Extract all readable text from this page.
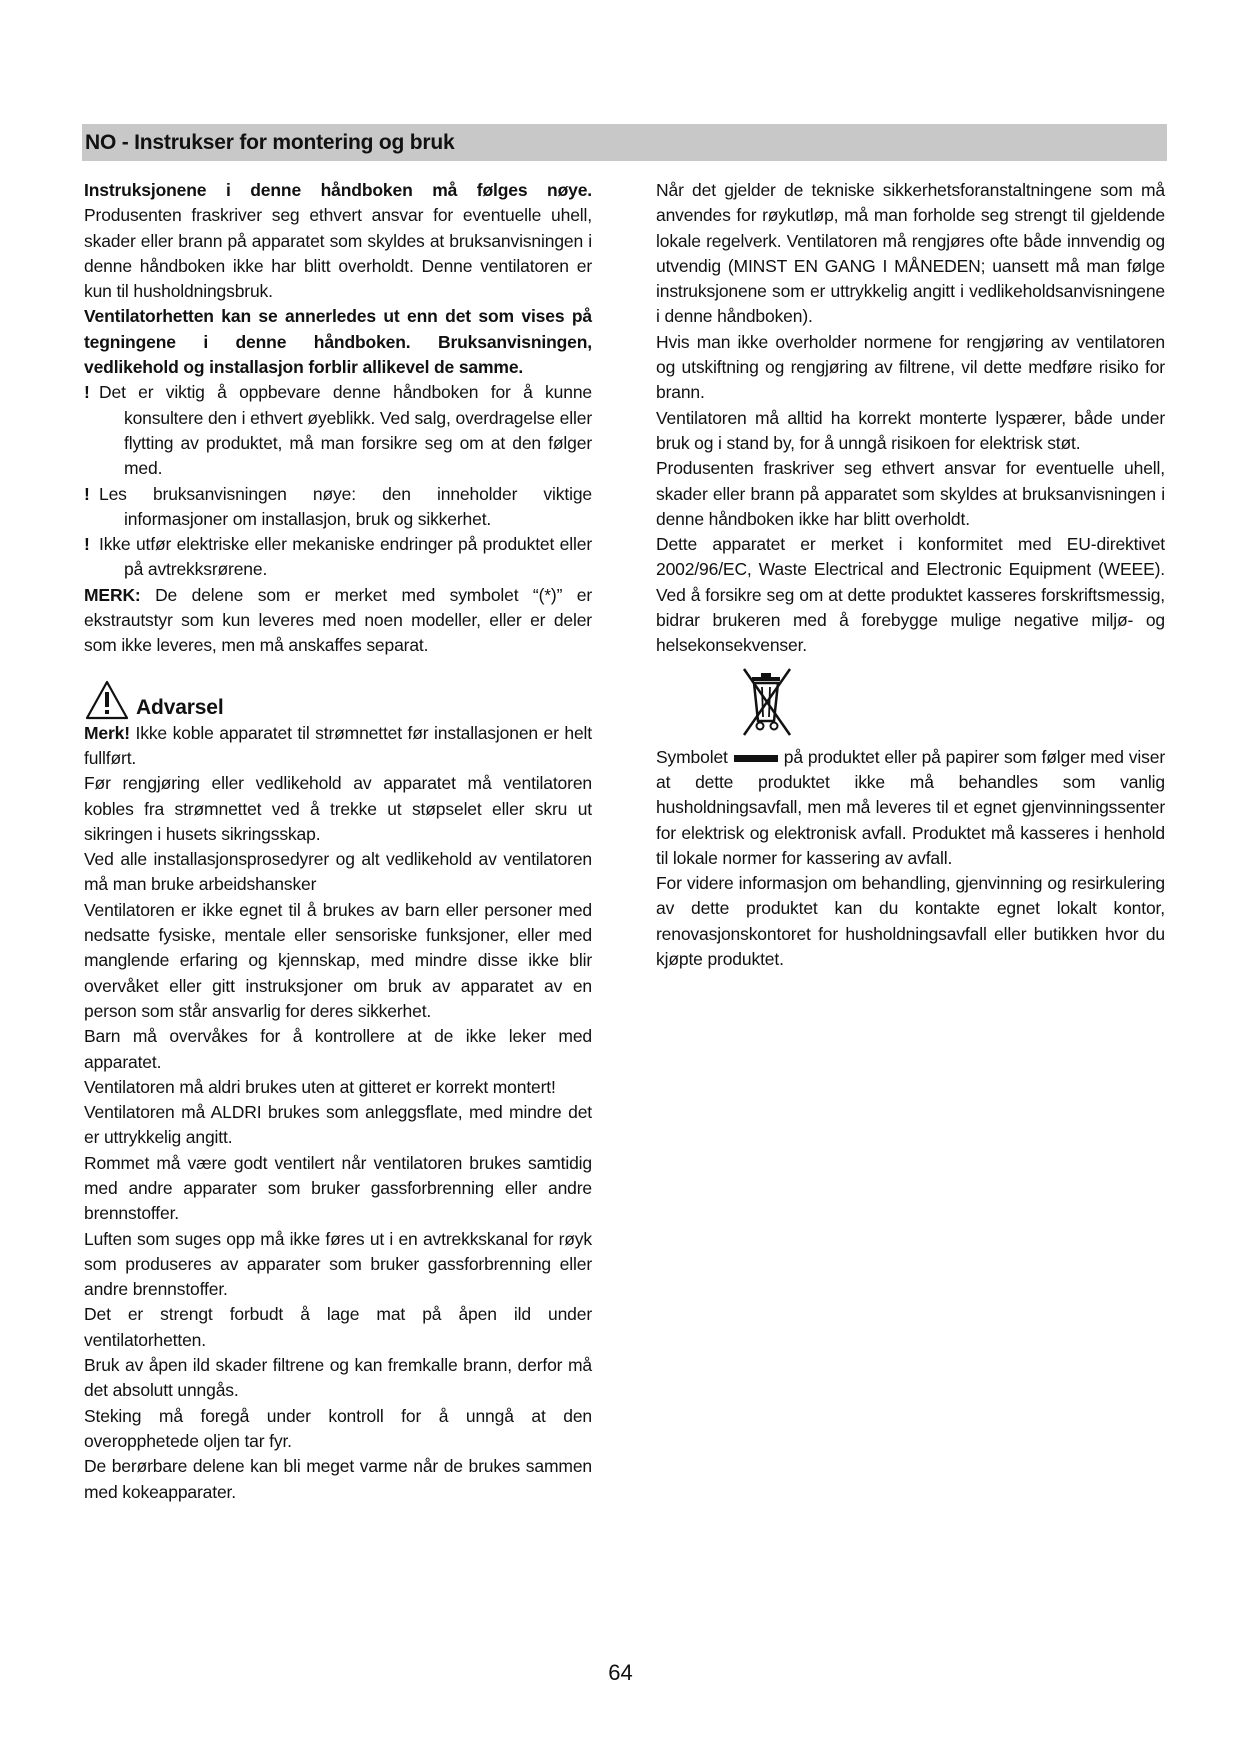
NO - Instrukser for montering og bruk

Instruksjonene i denne håndboken må følges nøye. Produsenten fraskriver seg ethvert ansvar for eventuelle uhell, skader eller brann på apparatet som skyldes at bruksanvisningen i denne håndboken ikke har blitt overholdt. Denne ventilatoren er kun til husholdningsbruk.

Ventilatorhetten kan se annerledes ut enn det som vises på tegningene i denne håndboken. Bruksanvisningen, vedlikehold og installasjon forblir allikevel de samme.

! Det er viktig å oppbevare denne håndboken for å kunne konsultere den i ethvert øyeblikk. Ved salg, overdragelse eller flytting av produktet, må man forsikre seg om at den følger med.

! Les bruksanvisningen nøye: den inneholder viktige informasjoner om installasjon, bruk og sikkerhet.

! Ikke utfør elektriske eller mekaniske endringer på produktet eller på avtrekksrørene.

MERK: De delene som er merket med symbolet “(*)” er ekstrautstyr som kun leveres med noen modeller, eller er deler som ikke leveres, men må anskaffes separat.

Advarsel

Merk! Ikke koble apparatet til strømnettet før installasjonen er helt fullført.

Før rengjøring eller vedlikehold av apparatet må ventilatoren kobles fra strømnettet ved å trekke ut støpselet eller skru ut sikringen i husets sikringsskap.

Ved alle installasjonsprosedyrer og alt vedlikehold av ventilatoren må man bruke arbeidshansker

Ventilatoren er ikke egnet til å brukes av barn eller personer med nedsatte fysiske, mentale eller sensoriske funksjoner, eller med manglende erfaring og kjennskap, med mindre disse ikke blir overvåket eller gitt instruksjoner om bruk av apparatet av en person som står ansvarlig for deres sikkerhet.

Barn må overvåkes for å kontrollere at de ikke leker med apparatet.

Ventilatoren må aldri brukes uten at gitteret er korrekt montert!

Ventilatoren må ALDRI brukes som anleggsflate, med mindre det er uttrykkelig angitt.

Rommet må være godt ventilert når ventilatoren brukes samtidig med andre apparater som bruker gassforbrenning eller andre brennstoffer.

Luften som suges opp må ikke føres ut i en avtrekkskanal for røyk som produseres av apparater som bruker gassforbrenning eller andre brennstoffer.

Det er strengt forbudt å lage mat på åpen ild under ventilatorhetten.

Bruk av åpen ild skader filtrene og kan fremkalle brann, derfor må det absolutt unngås.

Steking må foregå under kontroll for å unngå at den overopphetede oljen tar fyr.

De berørbare delene kan bli meget varme når de brukes sammen med kokeapparater.

Når det gjelder de tekniske sikkerhetsforanstaltningene som må anvendes for røykutløp, må man forholde seg strengt til gjeldende lokale regelverk. Ventilatoren må rengjøres ofte både innvendig og utvendig (MINST EN GANG I MÅNEDEN; uansett må man følge instruksjonene som er uttrykkelig angitt i vedlikeholdsanvisningene i denne håndboken).

Hvis man ikke overholder normene for rengjøring av ventilatoren og utskiftning og rengjøring av filtrene, vil dette medføre risiko for brann.

Ventilatoren må alltid ha korrekt monterte lyspærer, både under bruk og i stand by, for å unngå risikoen for elektrisk støt.

Produsenten fraskriver seg ethvert ansvar for eventuelle uhell, skader eller brann på apparatet som skyldes at bruksanvisningen i denne håndboken ikke har blitt overholdt.

Dette apparatet er merket i konformitet med EU-direktivet 2002/96/EC, Waste Electrical and Electronic Equipment (WEEE). Ved å forsikre seg om at dette produktet kasseres forskriftsmessig, bidrar brukeren med å forebygge mulige negative miljø- og helsekonsekvenser.

Symbolet	på produktet eller på papirer som følger med viser at dette produktet ikke må behandles som vanlig husholdningsavfall, men må leveres til et egnet gjenvinningssenter for elektrisk og elektronisk avfall. Produktet må kasseres i henhold til lokale normer for kassering av avfall.

For videre informasjon om behandling, gjenvinning og resirkulering av dette produktet kan du kontakte egnet lokalt kontor, renovasjonskontoret for husholdningsavfall eller butikken hvor du kjøpte produktet.

64
